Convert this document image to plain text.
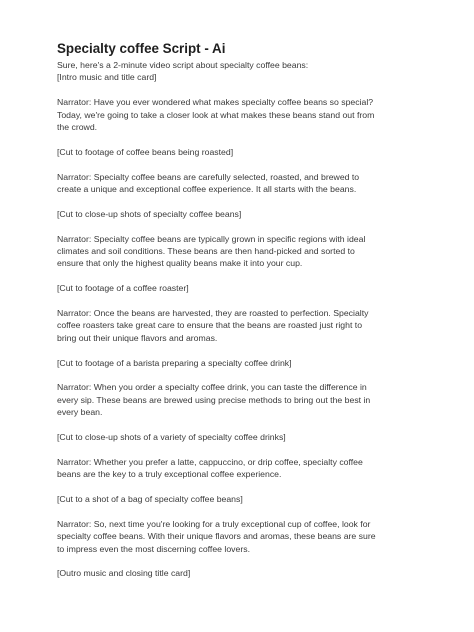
Specialty coffee Script - Ai

Sure, here's a 2-minute video script about specialty coffee beans:

[Intro music and title card]

Narrator: Have you ever wondered what makes specialty coffee beans so special?
Today, we're going to take a closer look at what makes these beans stand out from
the crowd.

[Cut to footage of coffee beans being roasted]

Narrator: Specialty coffee beans are carefully selected, roasted, and brewed to
create a unique and exceptional coffee experience. It all starts with the beans.

[Cut to close-up shots of specialty coffee beans]

Narrator: Specialty coffee beans are typically grown in specific regions with ideal
climates and soil conditions. These beans are then hand-picked and sorted to
ensure that only the highest quality beans make it into your cup.

[Cut to footage of a coffee roaster]

Narrator: Once the beans are harvested, they are roasted to perfection. Specialty
coffee roasters take great care to ensure that the beans are roasted just right to
bring out their unique flavors and aromas.

[Cut to footage of a barista preparing a specialty coffee drink]

Narrator: When you order a specialty coffee drink, you can taste the difference in
every sip. These beans are brewed using precise methods to bring out the best in
every bean.

[Cut to close-up shots of a variety of specialty coffee drinks]

Narrator: Whether you prefer a latte, cappuccino, or drip coffee, specialty coffee
beans are the key to a truly exceptional coffee experience.

[Cut to a shot of a bag of specialty coffee beans]

Narrator: So, next time you're looking for a truly exceptional cup of coffee, look for
specialty coffee beans. With their unique flavors and aromas, these beans are sure
to impress even the most discerning coffee lovers.

[Outro music and closing title card]
